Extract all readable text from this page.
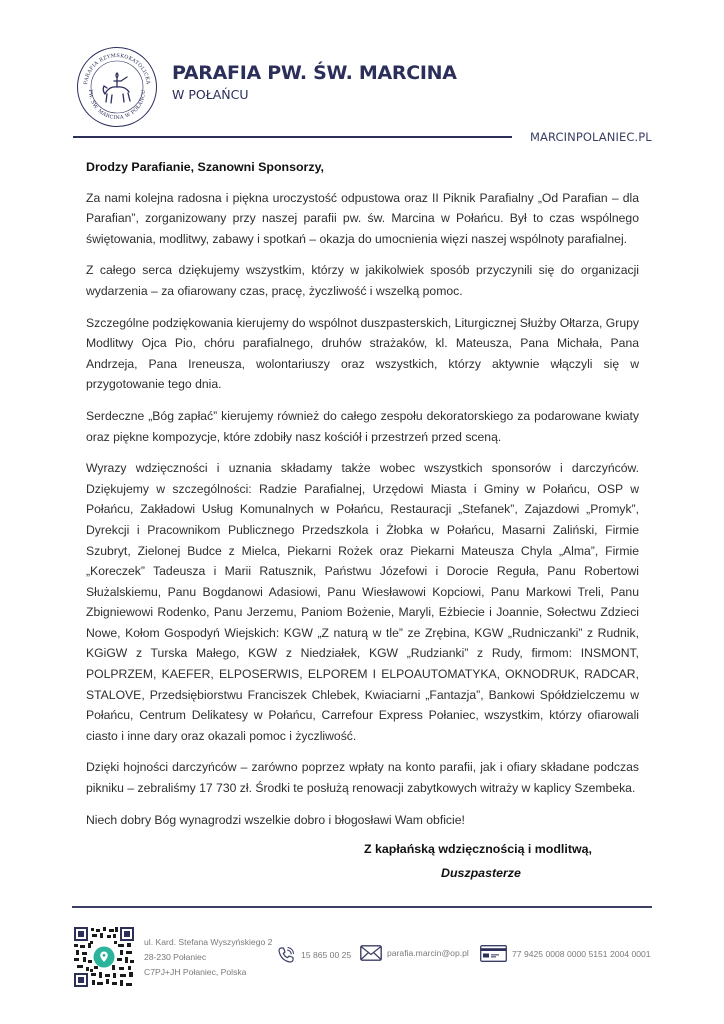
PARAFIA RZYMSKOKATOLICKA
PW. ŚW. MARCINA W POŁAŃCU
PARAFIA PW. ŚW. MARCINA
W POŁAŃCU
MARCINPOLANIEC.PL
Drodzy Parafianie, Szanowni Sponsorzy,

Za nami kolejna radosna i piękna uroczystość odpustowa oraz II Piknik Parafialny „Od Parafian – dla Parafian”, zorganizowany przy naszej parafii pw. św. Marcina w Połańcu. Był to czas wspólnego świętowania, modlitwy, zabawy i spotkań – okazja do umocnienia więzi naszej wspólnoty parafialnej.

Z całego serca dziękujemy wszystkim, którzy w jakikolwiek sposób przyczynili się do organizacji wydarzenia – za ofiarowany czas, pracę, życzliwość i wszelką pomoc.

Szczególne podziękowania kierujemy do wspólnot duszpasterskich, Liturgicznej Służby Ołtarza, Grupy Modlitwy Ojca Pio, chóru parafialnego, druhów strażaków, kl. Mateusza, Pana Michała, Pana Andrzeja, Pana Ireneusza, wolontariuszy oraz wszystkich, którzy aktywnie włączyli się w przygotowanie tego dnia.

Serdeczne „Bóg zapłać” kierujemy również do całego zespołu dekoratorskiego za podarowane kwiaty oraz piękne kompozycje, które zdobiły nasz kościół i przestrzeń przed sceną.

Wyrazy wdzięczności i uznania składamy także wobec wszystkich sponsorów i darczyńców. Dziękujemy w szczególności: Radzie Parafialnej, Urzędowi Miasta i Gminy w Połańcu, OSP w Połańcu, Zakładowi Usług Komunalnych w Połańcu, Restauracji „Stefanek”, Zajazdowi „Promyk”, Dyrekcji i Pracownikom Publicznego Przedszkola i Żłobka w Połańcu, Masarni Zaliński, Firmie Szubryt, Zielonej Budce z Mielca, Piekarni Rożek oraz Piekarni Mateusza Chyla „Alma”, Firmie „Koreczek” Tadeusza i Marii Ratusznik, Państwu Józefowi i Dorocie Reguła, Panu Robertowi Służalskiemu, Panu Bogdanowi Adasiowi, Panu Wiesławowi Kopciowi, Panu Markowi Treli, Panu Zbigniewowi Rodenko, Panu Jerzemu, Paniom Bożenie, Maryli, Eżbiecie i Joannie, Sołectwu Zdzieci Nowe, Kołom Gospodyń Wiejskich: KGW „Z naturą w tle” ze Zrębina, KGW „Rudniczanki” z Rudnik, KGiGW z Turska Małego, KGW z Niedziałek, KGW „Rudzianki” z Rudy, firmom: INSMONT, POLPRZEM, KAEFER, ELPOSERWIS, ELPOREM I ELPOAUTOMATYKA, OKNODRUK, RADCAR, STALOVE, Przedsiębiorstwu Franciszek Chlebek, Kwiaciarni „Fantazja”, Bankowi Spółdzielczemu w Połańcu, Centrum Delikatesy w Połańcu, Carrefour Express Połaniec, wszystkim, którzy ofiarowali ciasto i inne dary oraz okazali pomoc i życzliwość.

Dzięki hojności darczyńców – zarówno poprzez wpłaty na konto parafii, jak i ofiary składane podczas pikniku – zebraliśmy 17 730 zł. Środki te posłużą renowacji zabytkowych witraży w kaplicy Szembeka.

Niech dobry Bóg wynagrodzi wszelkie dobro i błogosławi Wam obficie!

Z kapłańską wdzięcznością i modlitwą,
Duszpasterze
ul. Kard. Stefana Wyszyńskiego 2
28-230 Połaniec
C7PJ+JH Połaniec, Polska
15 865 00 25	parafia.marcin@op.pl	77 9425 0008 0000 5151 2004 0001
